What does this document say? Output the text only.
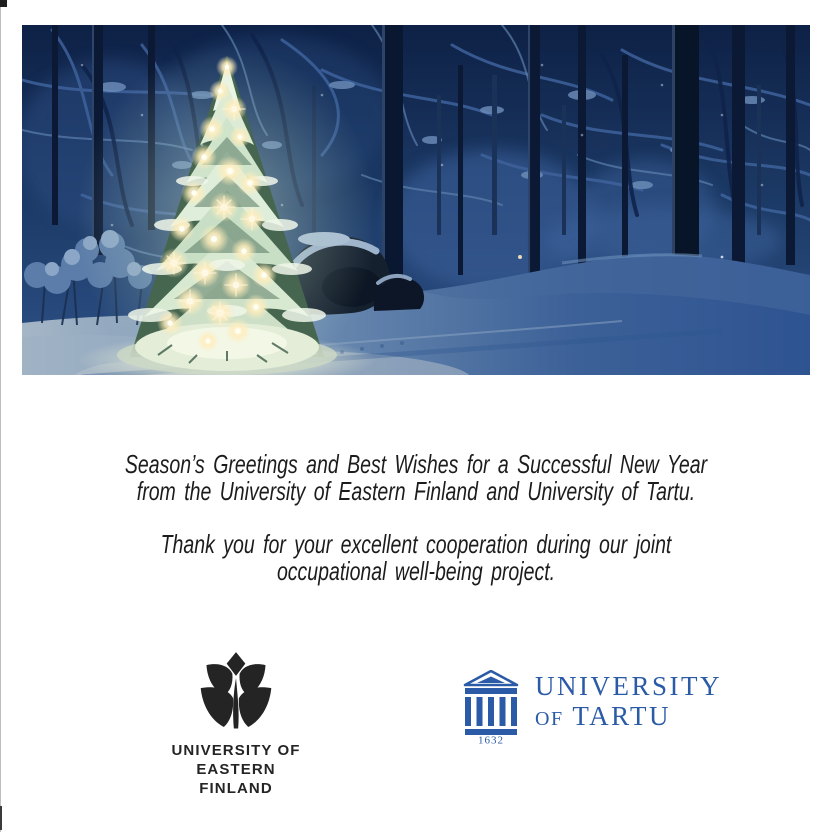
Season’s Greetings and Best Wishes for a Successful New Year

from the University of Eastern Finland and University of Tartu.

Thank you for your excellent cooperation during our joint

occupational well-being project.

UNIVERSITY OF
EASTERN FINLAND
1632
UNIVERSITY
OF TARTU
